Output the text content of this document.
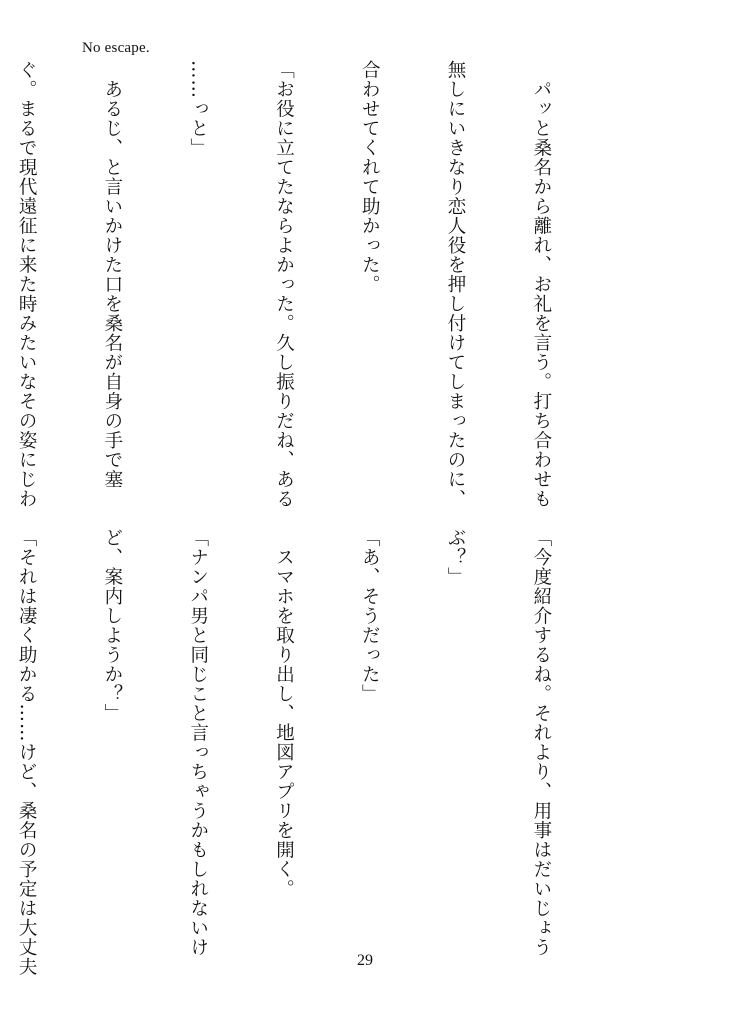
No escape.

　パッと桑名から離れ、お礼を言う。打ち合わせも

無しにいきなり恋人役を押し付けてしまったのに、

合わせてくれて助かった。

「お役に立てたならよかった。久し振りだね、ある

……っと」

　あるじ、と言いかけた口を桑名が自身の手で塞

ぐ。まるで現代遠征に来た時みたいなその姿にじわ

「今度紹介するね。それより、用事はだいじょう

ぶ？」

「あ、そうだった」

　スマホを取り出し、地図アプリを開く。

「ナンパ男と同じこと言っちゃうかもしれないけ

ど、案内しようか？」

「それは凄く助かる……けど、桑名の予定は大丈夫

	29
